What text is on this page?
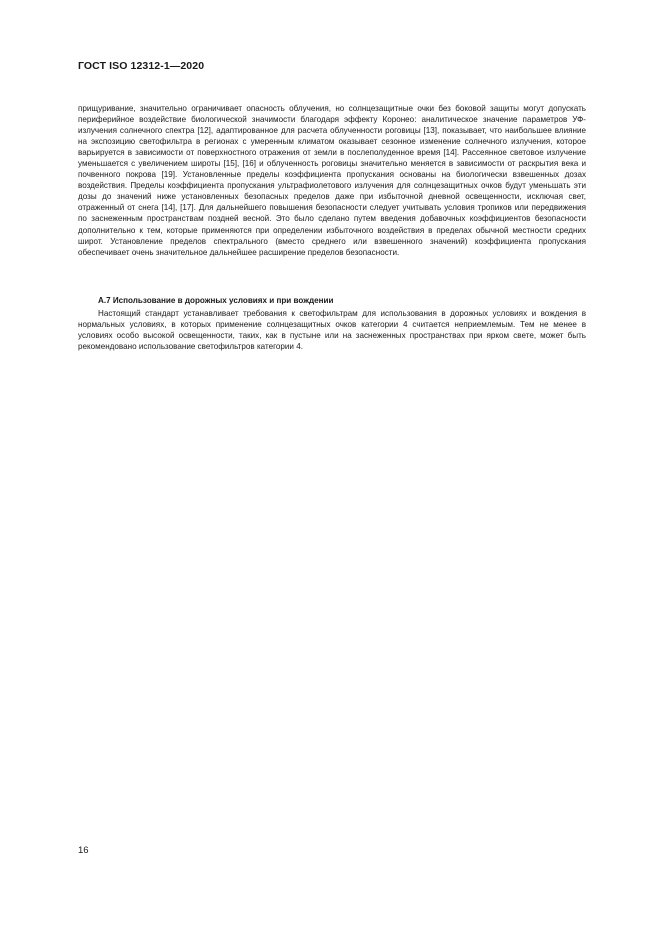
ГОСТ ISO 12312-1—2020

прищуривание, значительно ограничивает опасность облучения, но солнцезащитные очки без боковой защиты могут допускать периферийное воздействие биологической значимости благодаря эффекту Коронео: аналитическое значение параметров УФ-излучения солнечного спектра [12], адаптированное для расчета облученности роговицы [13], показывает, что наибольшее влияние на экспозицию светофильтра в регионах с умеренным климатом оказывает сезонное изменение солнечного излучения, которое варьируется в зависимости от поверхностного отражения от земли в послеполуденное время [14]. Рассеянное световое излучение уменьшается с увеличением широты [15], [16] и облученность роговицы значительно меняется в зависимости от раскрытия века и почвенного покрова [19]. Установленные пределы коэффициента пропускания основаны на биологически взвешенных дозах воздействия. Пределы коэффициента пропускания ультрафиолетового излучения для солнцезащитных очков будут уменьшать эти дозы до значений ниже установленных безопасных пределов даже при избыточной дневной освещенности, исключая свет, отраженный от снега [14], [17]. Для дальнейшего повышения безопасности следует учитывать условия тропиков или передвижения по заснеженным пространствам поздней весной. Это было сделано путем введения добавочных коэффициентов безопасности дополнительно к тем, которые применяются при определении избыточного воздействия в пределах обычной местности средних широт. Установление пределов спектрального (вместо среднего или взвешенного значений) коэффициента пропускания обеспечивает очень значительное дальнейшее расширение пределов безопасности.

А.7 Использование в дорожных условиях и при вождении

Настоящий стандарт устанавливает требования к светофильтрам для использования в дорожных условиях и вождения в нормальных условиях, в которых применение солнцезащитных очков категории 4 считается неприемлемым. Тем не менее в условиях особо высокой освещенности, таких, как в пустыне или на заснеженных пространствах при ярком свете, может быть рекомендовано использование светофильтров категории 4.

16
